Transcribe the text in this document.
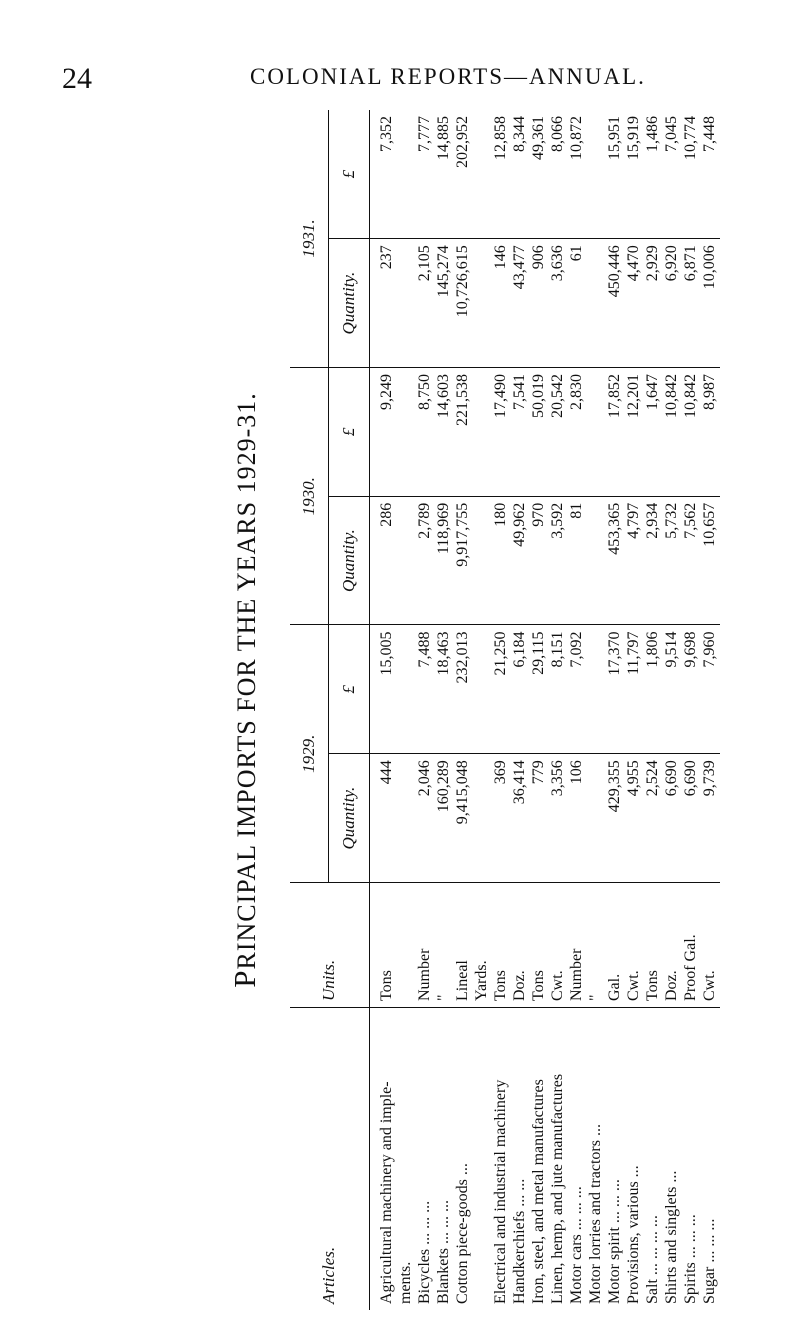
24	COLONIAL REPORTS—ANNUAL.
PRINCIPAL IMPORTS FOR THE YEARS 1929-31.
Articles.	Units.	1929.		1930.		1931.	
		Quantity.	£	Quantity.	£	Quantity.	£
Agricultural machinery and imple-	Tons	444	15,005	286	9,249	237	7,352
ments.							
Bicycles ... ... ...	Number	2,046	7,488	2,789	8,750	2,105	7,777
Blankets ... ... ...	"	160,289	18,463	118,969	14,603	145,274	14,885
Cotton piece-goods ...	Lineal	9,415,048	232,013	9,917,755	221,538	10,726,615	202,952
	Yards.						
Electrical and industrial machinery	Tons	369	21,250	180	17,490	146	12,858
Handkerchiefs ... ...	Doz.	36,414	6,184	49,962	7,541	43,477	8,344
Iron, steel, and metal manufactures	Tons	779	29,115	970	50,019	906	49,361
Linen, hemp, and jute manufactures	Cwt.	3,356	8,151	3,592	20,542	3,636	8,066
Motor cars ... ... ...	Number	106	7,092	81	2,830	61	10,872
Motor lorries and tractors ...	"						
Motor spirit ... ... ...	Gal.	429,355	17,370	453,365	17,852	450,446	15,951
Provisions, various ...	Cwt.	4,955	11,797	4,797	12,201	4,470	15,919
Salt ... ... ... ...	Tons	2,524	1,806	2,934	1,647	2,929	1,486
Shirts and singlets ...	Doz.	6,690	9,514	5,732	10,842	6,920	7,045
Spirits ... ... ...	Proof Gal.	6,690	9,698	7,562	10,842	6,871	10,774
Sugar ... ... ...	Cwt.	9,739	7,960	10,657	8,987	10,006	7,448
